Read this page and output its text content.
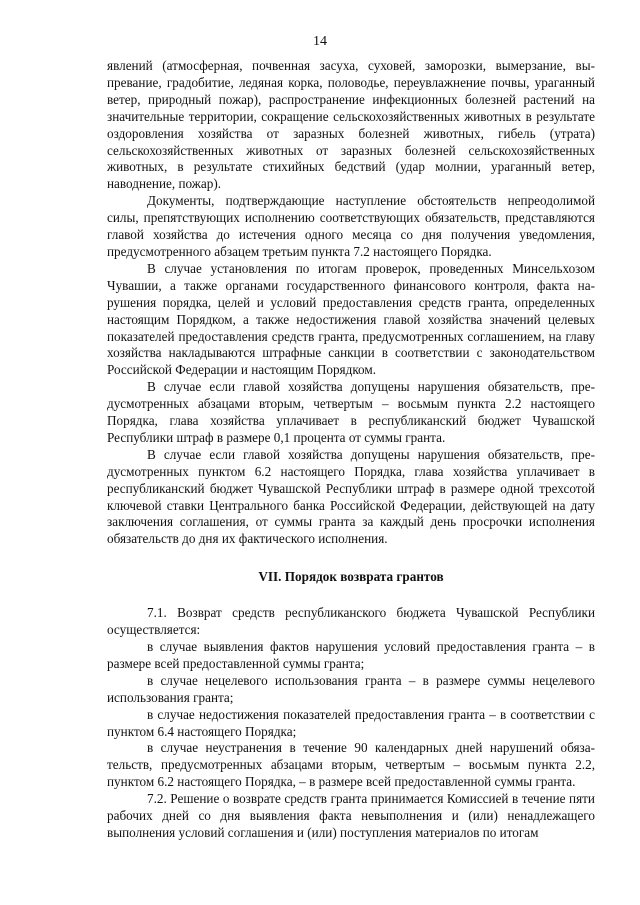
14

явлений (атмосферная, почвенная засуха, суховей, заморозки, вымерзание, выпревание, градобитие, ледяная корка, половодье, переувлажнение почвы, ураганный ветер, природный пожар), распространение инфекционных болезней растений на значительные территории, сокращение сельскохозяйственных животных в результате оздоровления хозяйства от заразных болезней животных, гибель (утрата) сельскохозяйственных животных от заразных болезней сельскохозяйственных животных, в результате стихийных бедствий (удар молнии, ураганный ветер, наводнение, пожар).

Документы, подтверждающие наступление обстоятельств непреодолимой силы, препятствующих исполнению соответствующих обязательств, представляются главой хозяйства до истечения одного месяца со дня получения уведомления, предусмотренного абзацем третьим пункта 7.2 настоящего Порядка.

В случае установления по итогам проверок, проведенных Минсельхозом Чувашии, а также органами государственного финансового контроля, факта нарушения порядка, целей и условий предоставления средств гранта, определенных настоящим Порядком, а также недостижения главой хозяйства значений целевых показателей предоставления средств гранта, предусмотренных соглашением, на главу хозяйства накладываются штрафные санкции в соответствии с законодательством Российской Федерации и настоящим Порядком.

В случае если главой хозяйства допущены нарушения обязательств, предусмотренных абзацами вторым, четвертым – восьмым пункта 2.2 настоящего Порядка, глава хозяйства уплачивает в республиканский бюджет Чувашской Республики штраф в размере 0,1 процента от суммы гранта.

В случае если главой хозяйства допущены нарушения обязательств, предусмотренных пунктом 6.2 настоящего Порядка, глава хозяйства уплачивает в республиканский бюджет Чувашской Республики штраф в размере одной трехсотой ключевой ставки Центрального банка Российской Федерации, действующей на дату заключения соглашения, от суммы гранта за каждый день просрочки исполнения обязательств до дня их фактического исполнения.

VII. Порядок возврата грантов

7.1. Возврат средств республиканского бюджета Чувашской Республики осуществляется:

в случае выявления фактов нарушения условий предоставления гранта – в размере всей предоставленной суммы гранта;

в случае нецелевого использования гранта – в размере суммы нецелевого использования гранта;

в случае недостижения показателей предоставления гранта – в соответствии с пунктом 6.4 настоящего Порядка;

в случае неустранения в течение 90 календарных дней нарушений обязательств, предусмотренных абзацами вторым, четвертым – восьмым пункта 2.2, пунктом 6.2 настоящего Порядка, – в размере всей предоставленной суммы гранта.

7.2. Решение о возврате средств гранта принимается Комиссией в течение пяти рабочих дней со дня выявления факта невыполнения и (или) ненадлежащего выполнения условий соглашения и (или) поступления материалов по итогам
